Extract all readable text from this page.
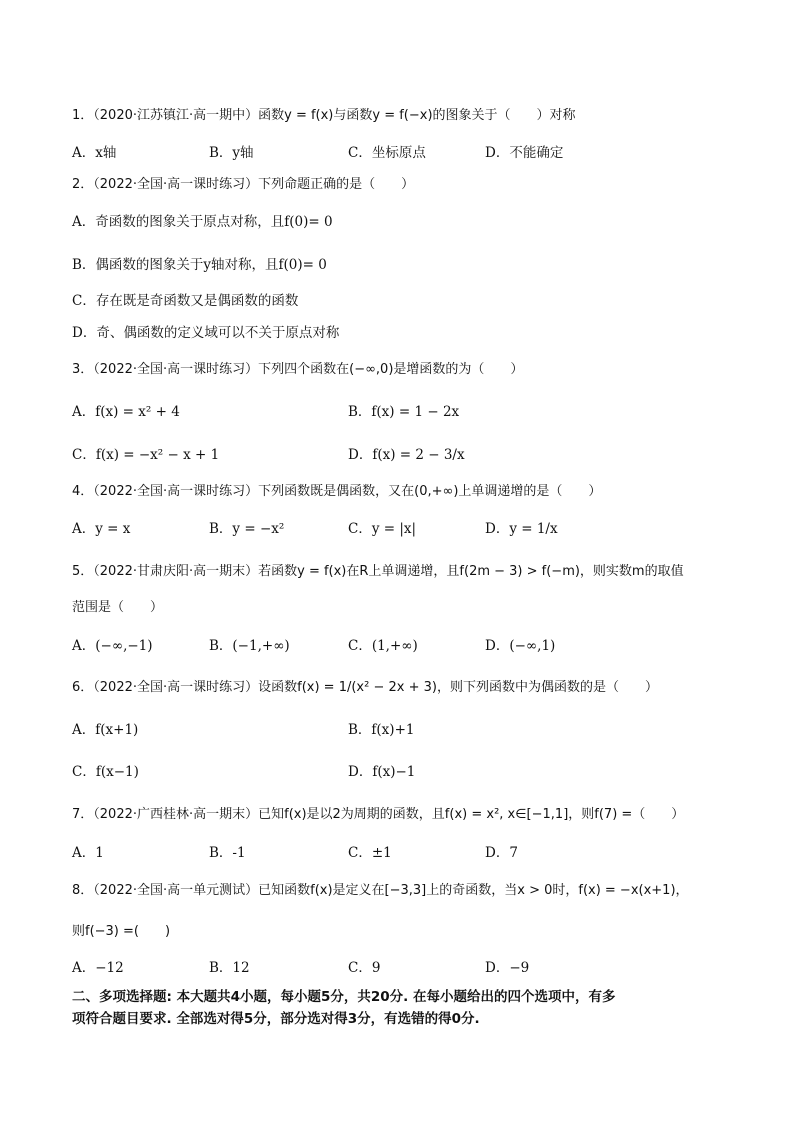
1．（2020·江苏镇江·高一期中）函数y = f(x)与函数y = f(−x)的图象关于（　　）对称
A．x轴	B．y轴	C．坐标原点	D．不能确定
2．（2022·全国·高一课时练习）下列命题正确的是（　　）
A．奇函数的图象关于原点对称，且f(0)= 0
B．偶函数的图象关于y轴对称，且f(0)= 0
C．存在既是奇函数又是偶函数的函数
D．奇、偶函数的定义域可以不关于原点对称
3．（2022·全国·高一课时练习）下列四个函数在(−∞,0)是增函数的为（　　）
A．f(x) = x² + 4	B．f(x) = 1 − 2x
C．f(x) = −x² − x + 1	D．f(x) = 2 − 3/x
4．（2022·全国·高一课时练习）下列函数既是偶函数，又在(0,+∞)上单调递增的是（　　）
A．y = x	B．y = −x²	C．y = |x|	D．y = 1/x
5．（2022·甘肃庆阳·高一期末）若函数y = f(x)在R上单调递增，且f(2m − 3) > f(−m)，则实数m的取值
范围是（　　）
A．(−∞,−1)	B．(−1,+∞)	C．(1,+∞)	D．(−∞,1)
6．（2022·全国·高一课时练习）设函数f(x) = 1/(x² − 2x + 3)，则下列函数中为偶函数的是（　　）
A．f(x+1)	B．f(x)+1
C．f(x−1)	D．f(x)−1
7．（2022·广西桂林·高一期末）已知f(x)是以2为周期的函数，且f(x) = x², x∈[−1,1]，则f(7) =（　　）
A．1	B．-1	C．±1	D．7
8．（2022·全国·高一单元测试）已知函数f(x)是定义在[−3,3]上的奇函数，当x > 0时，f(x) = −x(x+1)，
则f(−3) =(　　)
A．−12	B．12	C．9	D．−9
二、多项选择题: 本大题共4小题，每小题5分，共20分. 在每小题给出的四个选项中，有多
项符合题目要求. 全部选对得5分，部分选对得3分，有选错的得0分.
